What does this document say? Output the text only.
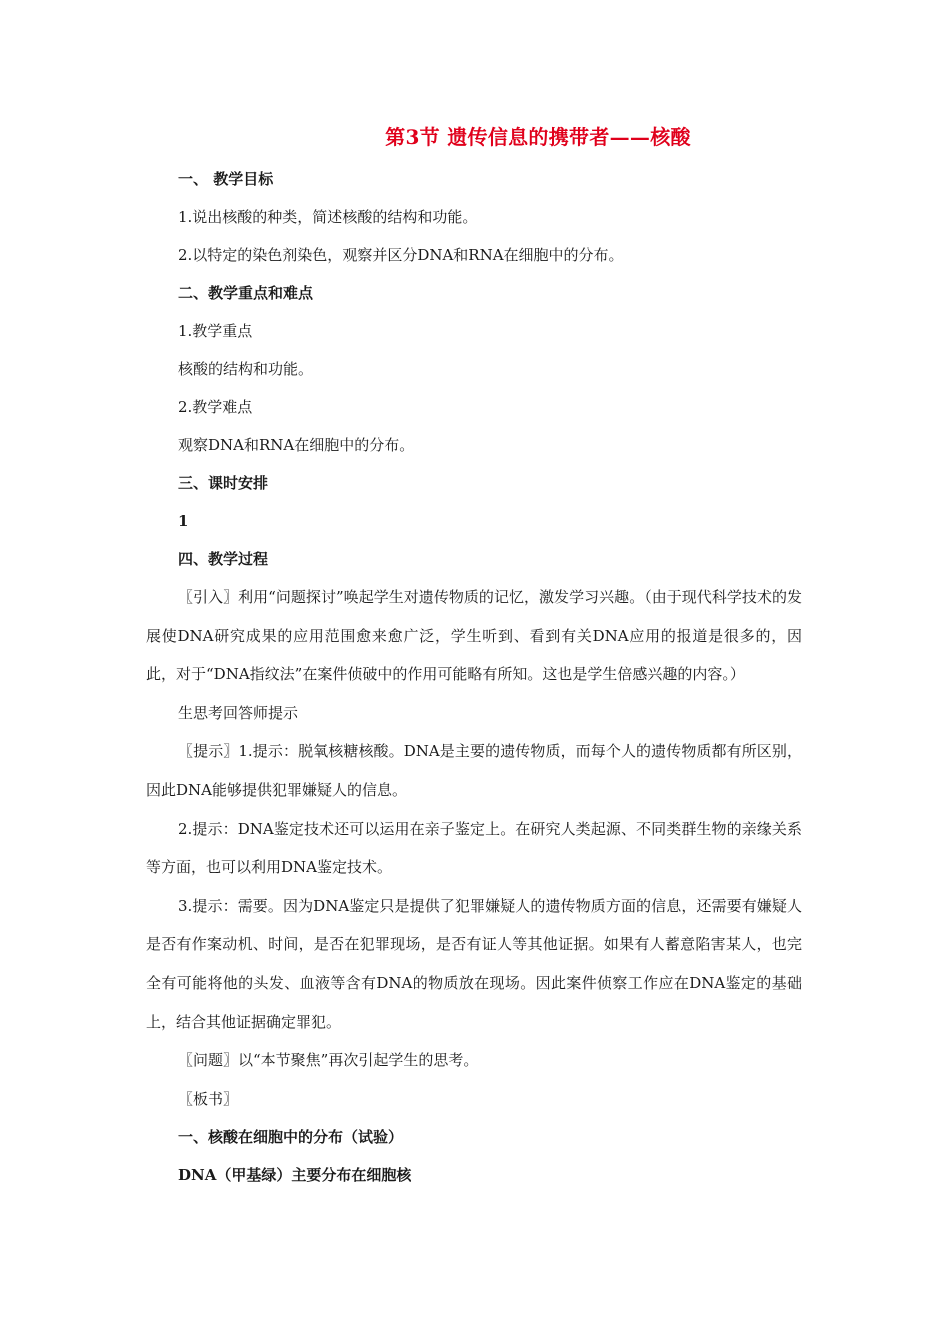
第3节 遗传信息的携带者——核酸

一、 教学目标

1.说出核酸的种类，简述核酸的结构和功能。

2.以特定的染色剂染色，观察并区分DNA和RNA在细胞中的分布。

二、教学重点和难点

1.教学重点

核酸的结构和功能。

2.教学难点

观察DNA和RNA在细胞中的分布。

三、课时安排

1

四、教学过程

〖引入〗利用“问题探讨”唤起学生对遗传物质的记忆，激发学习兴趣。（由于现代科学技术的发展使DNA研究成果的应用范围愈来愈广泛，学生听到、看到有关DNA应用的报道是很多的，因此，对于“DNA指纹法”在案件侦破中的作用可能略有所知。这也是学生倍感兴趣的内容。）

生思考回答师提示

〖提示〗1.提示：脱氧核糖核酸。DNA是主要的遗传物质，而每个人的遗传物质都有所区别，因此DNA能够提供犯罪嫌疑人的信息。

2.提示：DNA鉴定技术还可以运用在亲子鉴定上。在研究人类起源、不同类群生物的亲缘关系等方面，也可以利用DNA鉴定技术。

3.提示：需要。因为DNA鉴定只是提供了犯罪嫌疑人的遗传物质方面的信息，还需要有嫌疑人是否有作案动机、时间，是否在犯罪现场，是否有证人等其他证据。如果有人蓄意陷害某人，也完全有可能将他的头发、血液等含有DNA的物质放在现场。因此案件侦察工作应在DNA鉴定的基础上，结合其他证据确定罪犯。

〖问题〗以“本节聚焦”再次引起学生的思考。

〖板书〗

一、核酸在细胞中的分布（试验）

DNA（甲基绿）主要分布在细胞核
